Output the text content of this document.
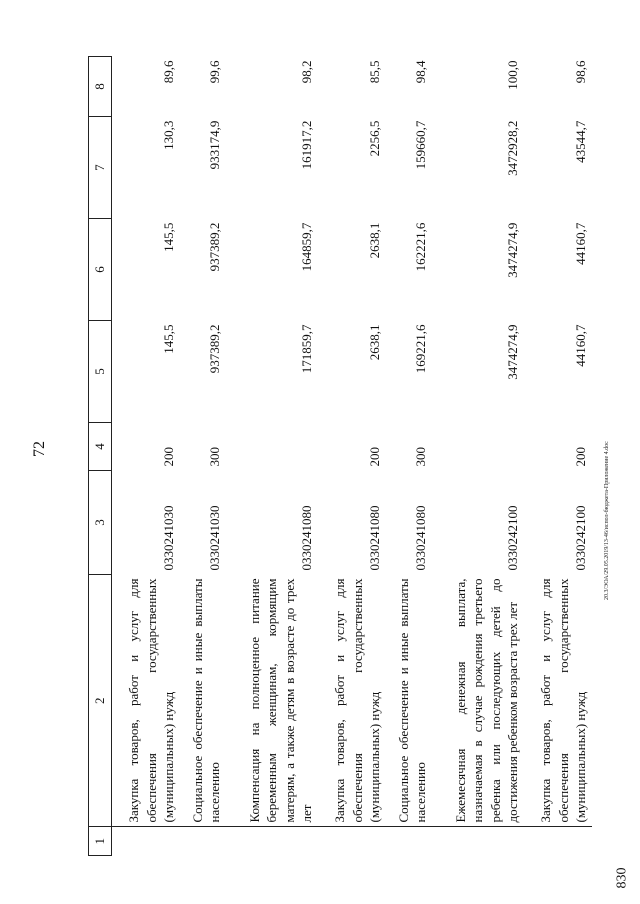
72
1	2	3	4	5	6	7	8
	Закупка товаров, работ и услуг для обеспечения государственных (муниципальных) нужд	0330241030	200	145,5	145,5	130,3	89,6
	Социальное обеспечение и иные выплаты населению	0330241030	300	937389,2	937389,2	933174,9	99,6
	Компенсация на полноценное питание беременным женщинам, кормящим матерям, а также детям в возрасте до трех лет	0330241080		171859,7	164859,7	161917,2	98,2
	Закупка товаров, работ и услуг для обеспечения государственных (муниципальных) нужд	0330241080	200	2638,1	2638,1	2256,5	85,5
	Социальное обеспечение и иные выплаты населению	0330241080	300	169221,6	162221,6	159660,7	98,4
	Ежемесячная денежная выплата, назначаемая в случае рождения третьего ребенка или последующих детей до достижения ребенком возраста трех лет	0330242100		3474274,9	3474274,9	3472928,2	100,0
	Закупка товаров, работ и услуг для обеспечения государственных (муниципальных) нужд	0330242100	200	44160,7	44160,7	43544,7	98,6
20.3/ЭОА/29.05.2019/13-46/испол-бюджета-Приложение 4.doc
830
